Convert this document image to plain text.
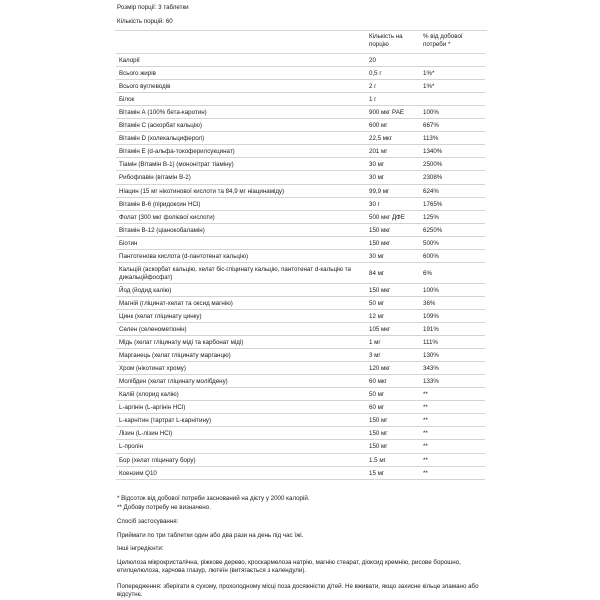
Розмір порції: 3 таблетки
Кількість порцій: 60
Кількість на порцію
% від добової потреби *
Калорії	20
Всього жирів	0,5 г	1%*
Всього вуглеводів	2 г	1%*
Білок	1 г
Вітамін А (100% бета-каротин)	900 мкг РАЕ	100%
Вітамін С (аскорбат кальцію)	600 мг	667%
Вітамін D (холекальциферол)	22,5 мкг	113%
Вітамін Е (d-альфа-токоферилсукцинат)	201 мг	1340%
Тіамін (Вітамін В-1) (мононітрат тіаміну)	30 мг	2500%
Рибофлавін (вітамін В-2)	30 мг	2308%
Ніацин (15 мг нікотинової кислоти та 84,9 мг ніацинаміду)	99,9 мг	624%
Вітамін В-6 (піридоксин HCl)	30 г	1765%
Фолат (300 мкг фолієвої кислоти)	500 мкг ДФЕ	125%
Вітамін В-12 (ціанокобаламін)	150 мкг	6250%
Біотин	150 мкг	500%
Пантотенова кислота (d-пантотенат кальцію)	30 мг	600%
Кальцій (аскорбат кальцію, хелат біс-гліцинату кальцію, пантотенат d-кальцію та дикальційфосфат)
84 мг	6%
Йод (йодид калію)	150 мкг	100%
Магній (гліцинат-хелат та оксид магнію)	50 мг	36%
Цинк (хелат гліцинату цинку)	12 мг	109%
Селен (селенометіонін)	105 мкг	191%
Мідь (хелат гліцинату міді та карбонат міді)	1 мг	111%
Марганець (хелат гліцинату марганцю)	3 мг	130%
Хром (нікотинат хрому)	120 мкг	343%
Молібден (хелат гліцинату молібдену)	60 мкг	133%
Калій (хлорид калію)	50 мг	**
L-аргінін (L-аргінін HCl)	60 мг	**
L-карнітин (тартрат L-карнітину)	150 мг	**
Лізин (L-лізин HCl)	150 мг	**
L-пролін	150 мг	**
Бор (хелат гліцинату бору)	1.5 мг	**
Коензим Q10	15 мг	**
* Відсоток від добової потреби заснований на дієту у 2000 калорій.
** Добову потребу не визначено.
Спосіб застосування:
Приймати по три таблетки один або два рази на день під час їжі.
Інші інгредієнти:
Целюлоза мікрокристалічна, ріжкове дерево, кроскармелоза натрію, магнію стеарат, діоксид кремнію, рисове борошно, етилцелюлоза, харчова глазур, лютеїн (витягається з календули).
Попередження: зберігати в сухому, прохолодному місці поза досяжністю дітей. Не вживати, якщо захисне кільце зламано або відсутнє.
